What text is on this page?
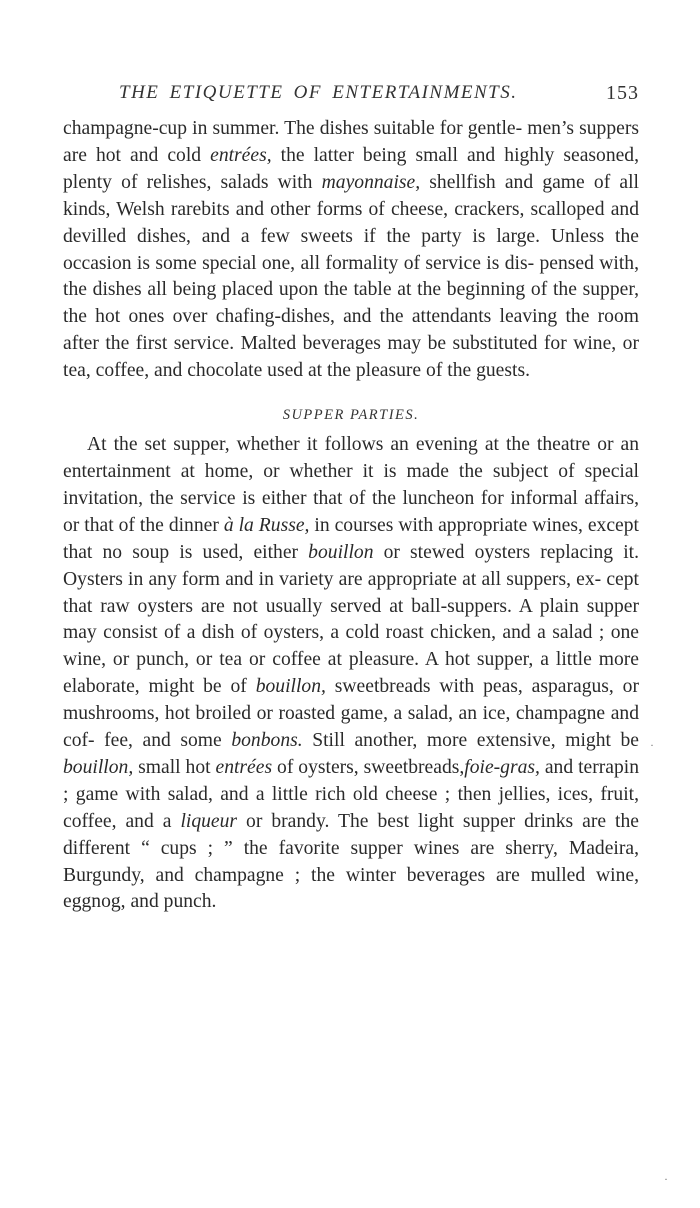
THE ETIQUETTE OF ENTERTAINMENTS.	153

champagne-cup in summer. The dishes suitable for gentle- men’s suppers are hot and cold entrées, the latter being small and highly seasoned, plenty of relishes, salads with mayonnaise, shellfish and game of all kinds, Welsh rarebits and other forms of cheese, crackers, scalloped and devilled dishes, and a few sweets if the party is large. Unless the occasion is some special one, all formality of service is dis- pensed with, the dishes all being placed upon the table at the beginning of the supper, the hot ones over chafing-dishes, and the attendants leaving the room after the first service. Malted beverages may be substituted for wine, or tea, coffee, and chocolate used at the pleasure of the guests.

SUPPER PARTIES.

At the set supper, whether it follows an evening at the theatre or an entertainment at home, or whether it is made the subject of special invitation, the service is either that of the luncheon for informal affairs, or that of the dinner à la Russe, in courses with appropriate wines, except that no soup is used, either bouillon or stewed oysters replacing it. Oysters in any form and in variety are appropriate at all suppers, ex- cept that raw oysters are not usually served at ball-suppers. A plain supper may consist of a dish of oysters, a cold roast chicken, and a salad ; one wine, or punch, or tea or coffee at pleasure. A hot supper, a little more elaborate, might be of bouillon, sweetbreads with peas, asparagus, or mushrooms, hot broiled or roasted game, a salad, an ice, champagne and cof- fee, and some bonbons. Still another, more extensive, might be bouillon, small hot entrées of oysters, sweetbreads,foie-gras, and terrapin ; game with salad, and a little rich old cheese ; then jellies, ices, fruit, coffee, and a liqueur or brandy. The best light supper drinks are the different “ cups ; ” the favorite supper wines are sherry, Madeira, Burgundy, and champagne ; the winter beverages are mulled wine, eggnog, and punch.

·
·
